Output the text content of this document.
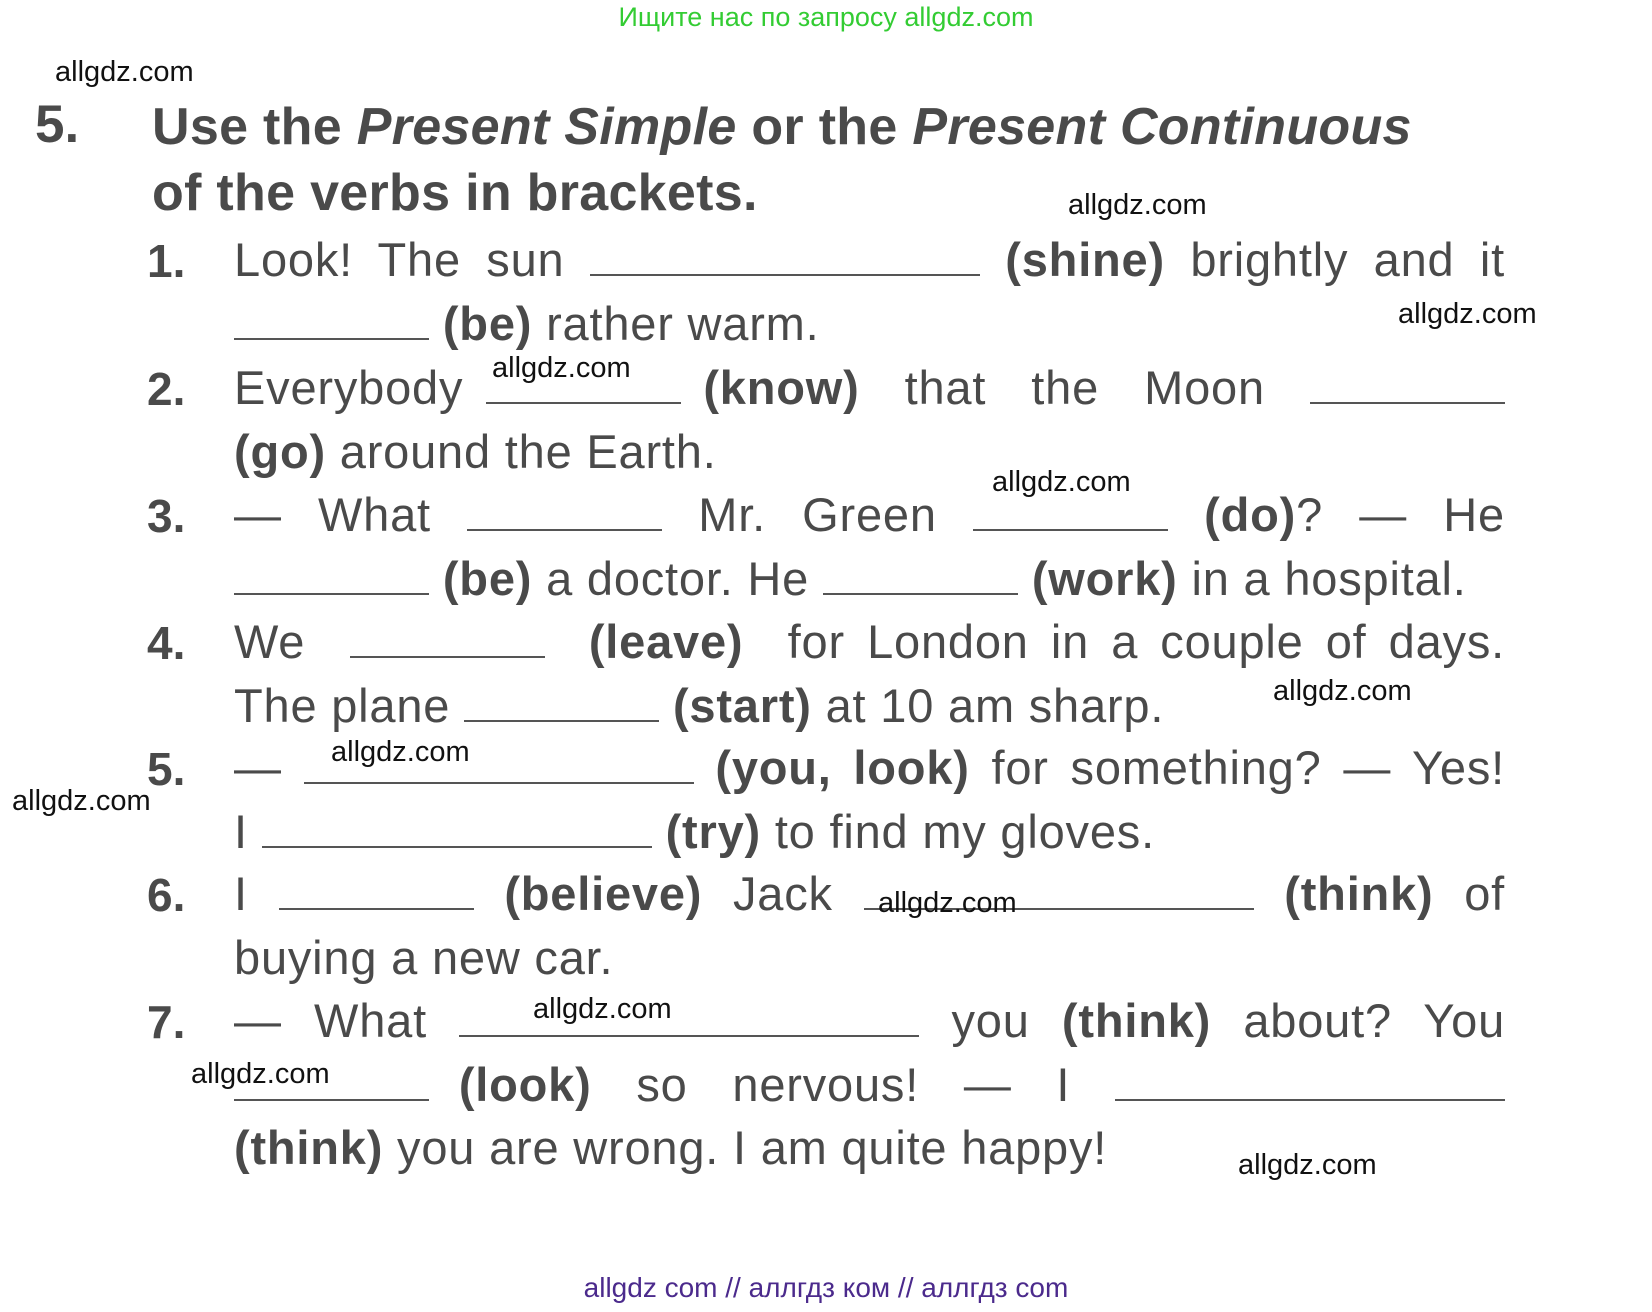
Ищите нас по запросу allgdz.com
allgdz.com
allgdz.com
allgdz.com
allgdz.com
allgdz.com
allgdz.com
allgdz.com
allgdz.com
allgdz.com
allgdz.com
allgdz.com
allgdz.com
5. Use the Present Simple or the Present Continuous
of the verbs in brackets.
1. Look! The sun	(shine) brightly and it
(be) rather warm.
2. Everybody	(know)  that  the  Moon
(go) around the Earth.
3. —  What	Mr.  Green	(do)?  —  He
(be) a doctor. He	(work) in a hospital.
4. We	(leave)  for London in a couple of days.
The plane	(start) at 10 am sharp.
5. —	(you, look) for something? — Yes!
I	(try) to find my gloves.
6. I	(believe)  Jack	(think)  of
buying a new car.
7. —  What	you  (think)  about?  You
(look)   so   nervous!   —   I
(think) you are wrong. I am quite happy!
allgdz com // аллгдз ком // аллгдз com
